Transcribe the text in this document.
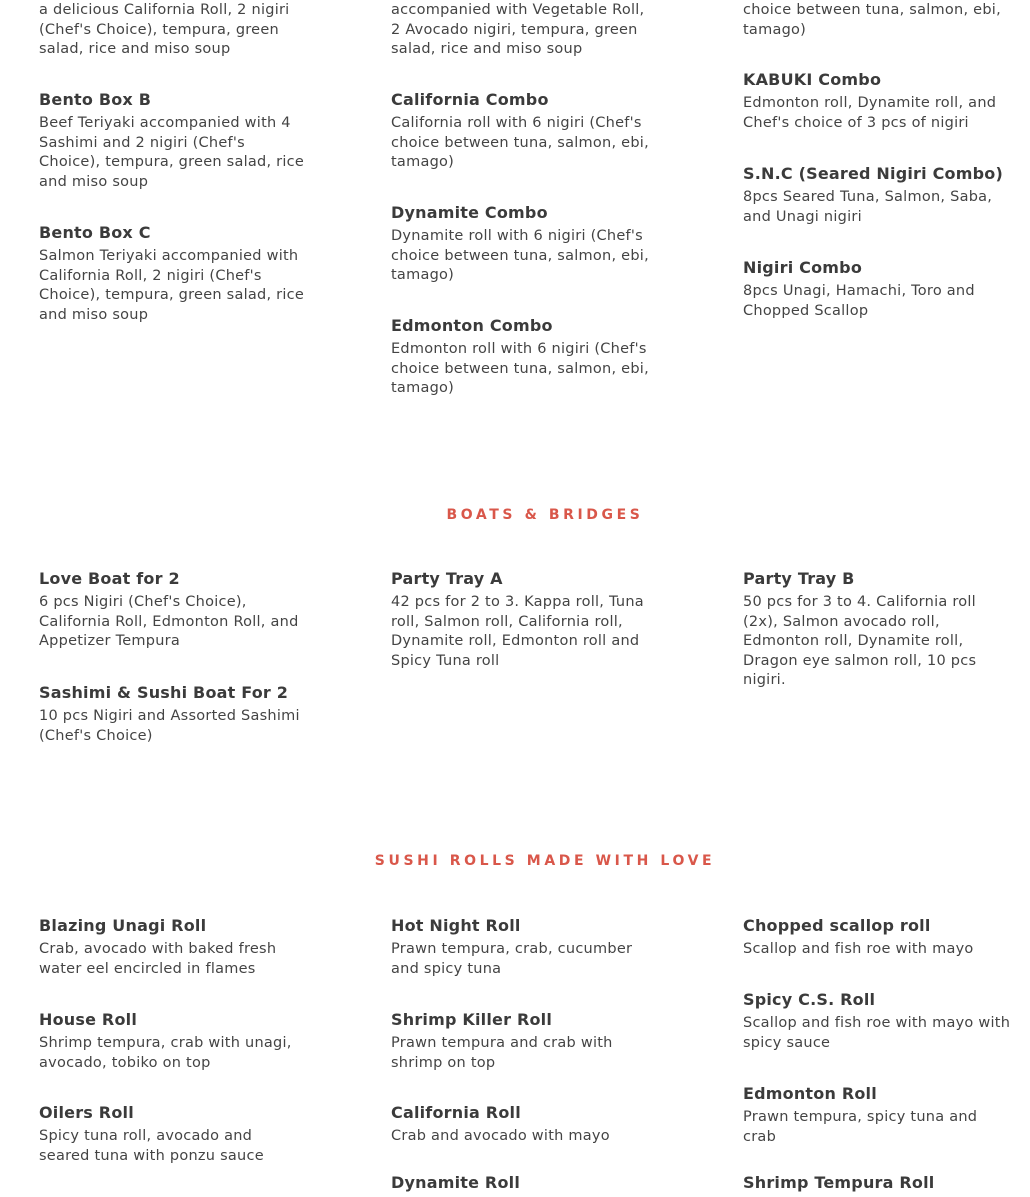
a delicious California Roll, 2 nigiri (Chef's Choice), tempura, green salad, rice and miso soup

Bento Box B

Beef Teriyaki accompanied with 4 Sashimi and 2 nigiri (Chef's Choice), tempura, green salad, rice and miso soup

Bento Box C

Salmon Teriyaki accompanied with California Roll, 2 nigiri (Chef's Choice), tempura, green salad, rice and miso soup

accompanied with Vegetable Roll, 2 Avocado nigiri, tempura, green salad, rice and miso soup

California Combo

California roll with 6 nigiri (Chef's choice between tuna, salmon, ebi, tamago)

Dynamite Combo

Dynamite roll with 6 nigiri (Chef's choice between tuna, salmon, ebi, tamago)

Edmonton Combo

Edmonton roll with 6 nigiri (Chef's choice between tuna, salmon, ebi, tamago)

choice between tuna, salmon, ebi, tamago)

KABUKI Combo

Edmonton roll, Dynamite roll, and Chef's choice of 3 pcs of nigiri

S.N.C (Seared Nigiri Combo)

8pcs Seared Tuna, Salmon, Saba, and Unagi nigiri

Nigiri Combo

8pcs Unagi, Hamachi, Toro and Chopped Scallop

BOATS & BRIDGES

Love Boat for 2

6 pcs Nigiri (Chef's Choice), California Roll, Edmonton Roll, and Appetizer Tempura

Sashimi & Sushi Boat For 2

10 pcs Nigiri and Assorted Sashimi (Chef's Choice)

Party Tray A

42 pcs for 2 to 3. Kappa roll, Tuna roll, Salmon roll, California roll, Dynamite roll, Edmonton roll and Spicy Tuna roll

Party Tray B

50 pcs for 3 to 4. California roll (2x), Salmon avocado roll, Edmonton roll, Dynamite roll, Dragon eye salmon roll, 10 pcs nigiri.

SUSHI ROLLS MADE WITH LOVE

Blazing Unagi Roll

Crab, avocado with baked fresh water eel encircled in flames

House Roll

Shrimp tempura, crab with unagi, avocado, tobiko on top

Oilers Roll

Spicy tuna roll, avocado and seared tuna with ponzu sauce

Hot Night Roll

Prawn tempura, crab, cucumber and spicy tuna

Shrimp Killer Roll

Prawn tempura and crab with shrimp on top

California Roll

Crab and avocado with mayo

Dynamite Roll

Chopped scallop roll

Scallop and fish roe with mayo

Spicy C.S. Roll

Scallop and fish roe with mayo with spicy sauce

Edmonton Roll

Prawn tempura, spicy tuna and crab

Shrimp Tempura Roll
